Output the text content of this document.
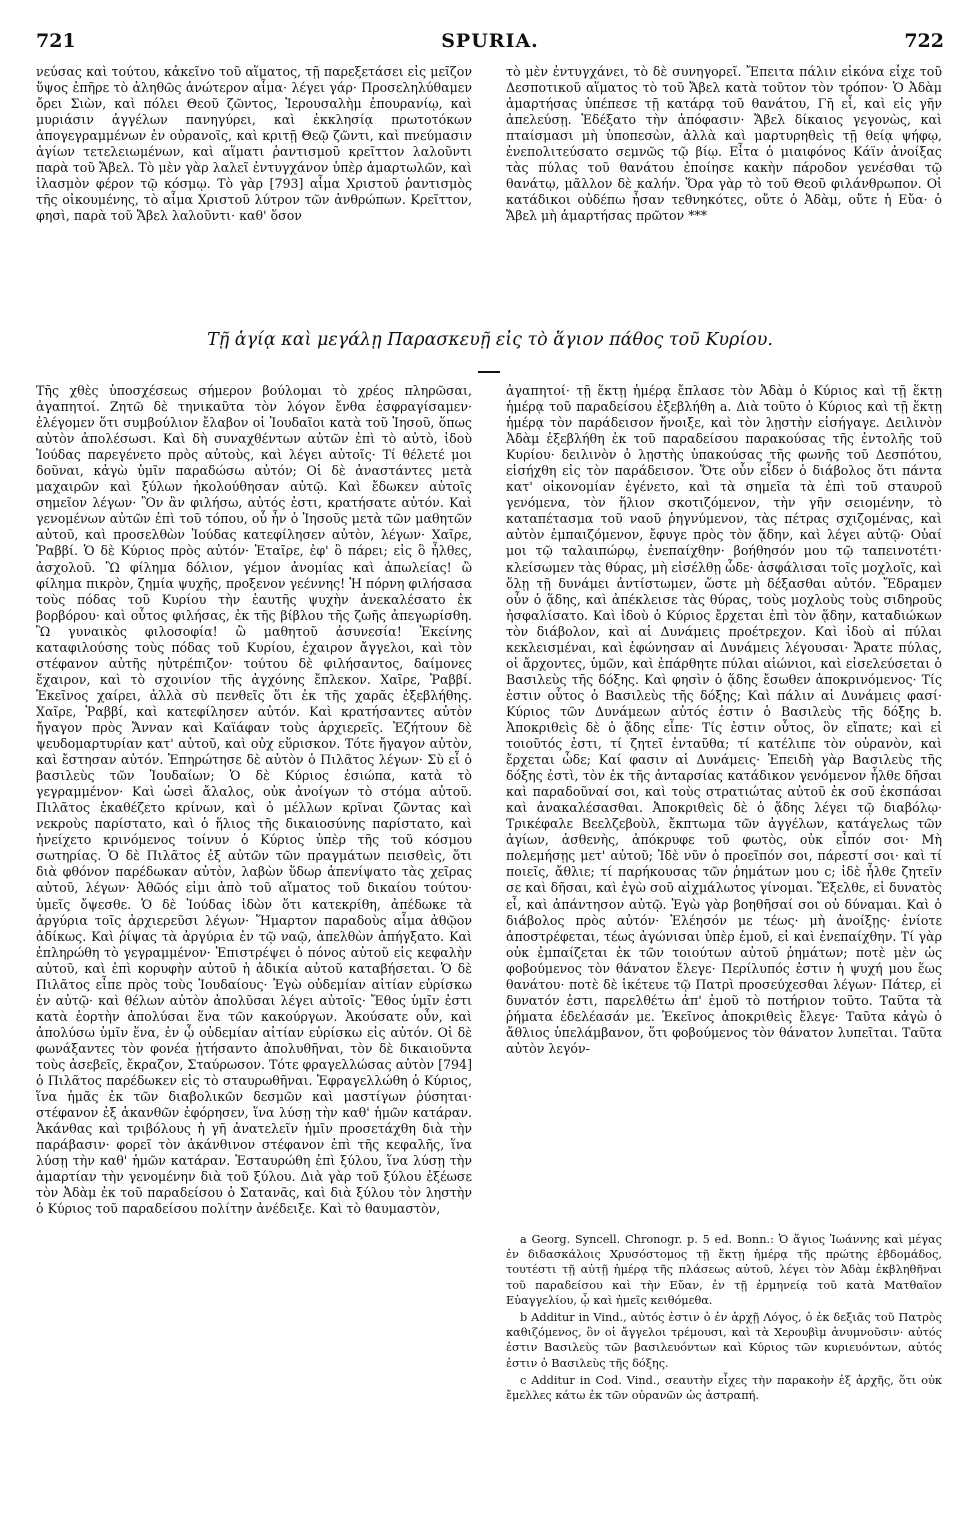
721	SPURIA.	722

νεύσας καὶ τούτου, κἀκεῖνο τοῦ αἵματος, τῇ παρεξετάσει εἰς μεῖζον ὕψος ἐπῆρε τὸ ἀληθῶς ἀνώτερον αἷμα· λέγει γάρ· Προσεληλύθαμεν ὄρει Σιὼν, καὶ πόλει Θεοῦ ζῶντος, Ἱερουσαλὴμ ἐπουρανίῳ, καὶ μυριάσιν ἀγγέλων πανηγύρει, καὶ ἐκκλησίᾳ πρωτοτόκων ἀπογεγραμμένων ἐν οὐρανοῖς, καὶ κριτῇ Θεῷ ζῶντι, καὶ πνεύμασιν ἁγίων τετελειωμένων, καὶ αἵματι ῥαντισμοῦ κρεῖττον λαλοῦντι παρὰ τοῦ Ἄβελ. Τὸ μὲν γὰρ λαλεῖ ἐντυγχάνον ὑπὲρ ἁμαρτωλῶν, καὶ ἱλασμὸν φέρον τῷ κόσμῳ. Τὸ γὰρ [793] αἷμα Χριστοῦ ῥαντισμὸς τῆς οἰκουμένης, τὸ αἷμα Χριστοῦ λύτρον τῶν ἀνθρώπων. Κρεῖττον, φησὶ, παρὰ τοῦ Ἄβελ λαλοῦντι· καθ' ὅσον

τὸ μὲν ἐντυγχάνει, τὸ δὲ συνηγορεῖ. Ἔπειτα πάλιν εἰκόνα εἶχε τοῦ Δεσποτικοῦ αἵματος τὸ τοῦ Ἄβελ κατὰ τοῦτον τὸν τρόπον· Ὁ Ἀδὰμ ἁμαρτήσας ὑπέπεσε τῇ κατάρᾳ τοῦ θανάτου, Γῆ εἶ, καὶ εἰς γῆν ἀπελεύσῃ. Ἐδέξατο τὴν ἀπόφασιν· Ἄβελ δίκαιος γεγονὼς, καὶ πταίσμασι μὴ ὑποπεσὼν, ἀλλὰ καὶ μαρτυρηθεὶς τῇ θείᾳ ψήφῳ, ἐνεπολιτεύσατο σεμνῶς τῷ βίῳ. Εἶτα ὁ μιαιφόνος Κάϊν ἀνοίξας τὰς πύλας τοῦ θανάτου ἐποίησε κακὴν πάροδον γενέσθαι τῷ θανάτῳ, μᾶλλον δὲ καλήν. Ὅρα γὰρ τὸ τοῦ Θεοῦ φιλάνθρωπον. Οἱ κατάδικοι οὐδέπω ἦσαν τεθνηκότες, οὔτε ὁ Ἀδὰμ, οὔτε ἡ Εὔα· ὁ Ἄβελ μὴ ἁμαρτήσας πρῶτον ***

Τῇ ἁγίᾳ καὶ μεγάλῃ Παρασκευῇ εἰς τὸ ἅγιον πάθος τοῦ Κυρίου.

Τῆς χθὲς ὑποσχέσεως σήμερον βούλομαι τὸ χρέος πληρῶσαι, ἀγαπητοί. Ζητῶ δὲ τηνικαῦτα τὸν λόγον ἔνθα ἐσφραγίσαμεν· ἐλέγομεν ὅτι συμβούλιον ἔλαβον οἱ Ἰουδαῖοι κατὰ τοῦ Ἰησοῦ, ὅπως αὐτὸν ἀπολέσωσι. Καὶ δὴ συναχθέντων αὐτῶν ἐπὶ τὸ αὐτὸ, ἰδοὺ Ἰούδας παρεγένετο πρὸς αὐτοὺς, καὶ λέγει αὐτοῖς· Τί θέλετέ μοι δοῦναι, κἀγὼ ὑμῖν παραδώσω αὐτόν; Οἱ δὲ ἀναστάντες μετὰ μαχαιρῶν καὶ ξύλων ἠκολούθησαν αὐτῷ. Καὶ ἔδωκεν αὐτοῖς σημεῖον λέγων· Ὃν ἂν φιλήσω, αὐτός ἐστι, κρατήσατε αὐτόν. Καὶ γενομένων αὐτῶν ἐπὶ τοῦ τόπου, οὗ ἦν ὁ Ἰησοῦς μετὰ τῶν μαθητῶν αὐτοῦ, καὶ προσελθὼν Ἰούδας κατεφίλησεν αὐτὸν, λέγων· Χαῖρε, Ῥαββί. Ὁ δὲ Κύριος πρὸς αὐτόν· Ἑταῖρε, ἐφ' ὃ πάρει; εἰς ὃ ἦλθες, ἀσχολοῦ. Ὢ φίλημα δόλιον, γέμον ἀνομίας καὶ ἀπωλείας! ὢ φίλημα πικρὸν, ζημία ψυχῆς, προξενον γεέννης! Ἡ πόρνη φιλήσασα τοὺς πόδας τοῦ Κυρίου τὴν ἑαυτῆς ψυχὴν ἀνεκαλέσατο ἐκ βορβόρου· καὶ οὗτος φιλήσας, ἐκ τῆς βίβλου τῆς ζωῆς ἀπεγωρίσθη. Ὢ γυναικὸς φιλοσοφία! ὢ μαθητοῦ ἀσυνεσία! Ἐκείνης καταφιλούσης τοὺς πόδας τοῦ Κυρίου, ἐχαιρον ἄγγελοι, καὶ τὸν στέφανον αὐτῆς ηὐτρέπιζον· τούτου δὲ φιλήσαντος, δαίμονες ἔχαιρον, καὶ τὸ σχοινίον τῆς ἀγχόνης ἔπλεκον. Χαῖρε, Ῥαββί. Ἐκεῖνος χαίρει, ἀλλὰ σὺ πενθεῖς ὅτι ἐκ τῆς χαρᾶς ἐξεβλήθης. Χαῖρε, Ῥαββί, καὶ κατεφίλησεν αὐτόν. Καὶ κρατήσαντες αὐτὸν ἤγαγον πρὸς Ἄνναν καὶ Καϊάφαν τοὺς ἀρχιερεῖς. Ἐζήτουν δὲ ψευδομαρτυρίαν κατ' αὐτοῦ, καὶ οὐχ εὕρισκον. Τότε ἤγαγον αὐτὸν, καὶ ἔστησαν αὐτόν. Ἐπηρώτησε δὲ αὐτὸν ὁ Πιλᾶτος λέγων· Σὺ εἶ ὁ βασιλεὺς τῶν Ἰουδαίων; Ὁ δὲ Κύριος ἐσιώπα, κατὰ τὸ γεγραμμένον· Καὶ ὡσεὶ ἄλαλος, οὐκ ἀνοίγων τὸ στόμα αὐτοῦ. Πιλᾶτος ἐκαθέζετο κρίνων, καὶ ὁ μέλλων κρῖναι ζῶντας καὶ νεκροὺς παρίστατο, καὶ ὁ ἥλιος τῆς δικαιοσύνης παρίστατο, καὶ ἠνείχετο κρινόμενος τοίνυν ὁ Κύριος ὑπὲρ τῆς τοῦ κόσμου σωτηρίας. Ὁ δὲ Πιλᾶτος ἐξ αὐτῶν τῶν πραγμάτων πεισθεὶς, ὅτι διὰ φθόνον παρέδωκαν αὐτὸν, λαβὼν ὕδωρ ἀπενίψατο τὰς χεῖρας αὐτοῦ, λέγων· Ἀθῶός εἰμι ἀπὸ τοῦ αἵματος τοῦ δικαίου τούτου· ὑμεῖς ὄψεσθε. Ὁ δὲ Ἰούδας ἰδὼν ὅτι κατεκρίθη, ἀπέδωκε τὰ ἀργύρια τοῖς ἀρχιερεῦσι λέγων· Ἥμαρτον παραδοὺς αἷμα ἀθῷον ἀδίκως. Καὶ ῥίψας τὰ ἀργύρια ἐν τῷ ναῷ, ἀπελθὼν ἀπήγξατο. Καὶ ἐπληρώθη τὸ γεγραμμένον· Ἐπιστρέψει ὁ πόνος αὐτοῦ εἰς κεφαλὴν αὐτοῦ, καὶ ἐπὶ κορυφὴν αὐτοῦ ἡ ἀδικία αὐτοῦ καταβήσεται. Ὁ δὲ Πιλᾶτος εἶπε πρὸς τοὺς Ἰουδαίους· Ἐγὼ οὐδεμίαν αἰτίαν εὑρίσκω ἐν αὐτῷ· καὶ θέλων αὐτὸν ἀπολῦσαι λέγει αὐτοῖς· Ἔθος ὑμῖν ἐστι κατὰ ἑορτὴν ἀπολύσαι ἕνα τῶν κακούργων. Ἀκούσατε οὖν, καὶ ἀπολύσω ὑμῖν ἕνα, ἐν ᾧ οὐδεμίαν αἰτίαν εὑρίσκω εἰς αὐτόν. Οἱ δὲ φωνάξαντες τὸν φονέα ᾐτήσαντο ἀπολυθῆναι, τὸν δὲ δικαιοῦντα τοὺς ἀσεβεῖς, ἔκραζον, Σταύρωσον. Τότε φραγελλώσας αὐτὸν [794] ὁ Πιλᾶτος παρέδωκεν εἰς τὸ σταυρωθῆναι. Ἐφραγελλώθη ὁ Κύριος, ἵνα ἡμᾶς ἐκ τῶν διαβολικῶν δεσμῶν καὶ μαστίγων ῥύσηται· στέφανον ἐξ ἀκανθῶν ἐφόρησεν, ἵνα λύσῃ τὴν καθ' ἡμῶν κατάραν. Ἀκάνθας καὶ τριβόλους ἡ γῆ ἀνατελεῖν ἡμῖν προσετάχθη διὰ τὴν παράβασιν· φορεῖ τὸν ἀκάνθινον στέφανον ἐπὶ τῆς κεφαλῆς, ἵνα λύσῃ τὴν καθ' ἡμῶν κατάραν. Ἐσταυρώθη ἐπὶ ξύλου, ἵνα λύσῃ τὴν ἁμαρτίαν τὴν γενομένην διὰ τοῦ ξύλου. Διὰ γὰρ τοῦ ξύλου ἐξέωσε τὸν Ἀδὰμ ἐκ τοῦ παραδείσου ὁ Σατανᾶς, καὶ διὰ ξύλου τὸν ληστὴν ὁ Κύριος τοῦ παραδείσου πολίτην ἀνέδειξε. Καὶ τὸ θαυμαστὸν,

ἀγαπητοί· τῇ ἕκτῃ ἡμέρᾳ ἔπλασε τὸν Ἀδὰμ ὁ Κύριος καὶ τῇ ἕκτῃ ἡμέρᾳ τοῦ παραδείσου ἐξεβλήθη a. Διὰ τοῦτο ὁ Κύριος καὶ τῇ ἕκτῃ ἡμέρᾳ τὸν παράδεισον ἤνοιξε, καὶ τὸν λῃστὴν εἰσήγαγε. Δειλινὸν Ἀδὰμ ἐξεβλήθη ἐκ τοῦ παραδείσου παρακούσας τῆς ἐντολῆς τοῦ Κυρίου· δειλινὸν ὁ λῃστὴς ὑπακούσας τῆς φωνῆς τοῦ Δεσπότου, εἰσήχθη εἰς τὸν παράδεισον. Ὅτε οὖν εἶδεν ὁ διάβολος ὅτι πάντα κατ' οἰκονομίαν ἐγένετο, καὶ τὰ σημεῖα τὰ ἐπὶ τοῦ σταυροῦ γενόμενα, τὸν ἥλιον σκοτιζόμενον, τὴν γῆν σειομένην, τὸ καταπέτασμα τοῦ ναοῦ ῥηγνύμενον, τὰς πέτρας σχιζομένας, καὶ αὐτὸν ἐμπαιζόμενον, ἔφυγε πρὸς τὸν ᾅδην, καὶ λέγει αὐτῷ· Οὐαί μοι τῷ ταλαιπώρῳ, ἐνεπαίχθην· βοήθησόν μου τῷ ταπεινοτέτι· κλείσωμεν τὰς θύρας, μὴ εἰσέλθῃ ὧδε· ἀσφάλισαι τοῖς μοχλοῖς, καὶ ὅλῃ τῇ δυνάμει ἀντίστωμεν, ὥστε μὴ δέξασθαι αὐτόν. Ἔδραμεν οὖν ὁ ᾅδης, καὶ ἀπέκλεισε τὰς θύρας, τοὺς μοχλοὺς τοὺς σιδηροῦς ἠσφαλίσατο. Καὶ ἰδοὺ ὁ Κύριος ἔρχεται ἐπὶ τὸν ᾅδην, καταδιώκων τὸν διάβολον, καὶ αἱ Δυνάμεις προέτρεχον. Καὶ ἰδοὺ αἱ πύλαι κεκλεισμέναι, καὶ ἐφώνησαν αἱ Δυνάμεις λέγουσαι· Ἄρατε πύλας, οἱ ἄρχοντες, ὑμῶν, καὶ ἐπάρθητε πύλαι αἰώνιοι, καὶ εἰσελεύσεται ὁ Βασιλεὺς τῆς δόξης. Καὶ φησὶν ὁ ᾅδης ἔσωθεν ἀποκρινόμενος· Τίς ἐστιν οὗτος ὁ Βασιλεὺς τῆς δόξης; Καὶ πάλιν αἱ Δυνάμεις φασί· Κύριος τῶν Δυνάμεων αὐτός ἐστιν ὁ Βασιλεὺς τῆς δόξης b. Ἀποκριθεὶς δὲ ὁ ᾅδης εἶπε· Τίς ἐστιν οὗτος, ὃν εἴπατε; καὶ εἰ τοιοῦτός ἐστι, τί ζητεῖ ἐνταῦθα; τί κατέλιπε τὸν οὐρανὸν, καὶ ἔρχεται ὧδε; Καί φασιν αἱ Δυνάμεις· Ἐπειδὴ γὰρ Βασιλεὺς τῆς δόξης ἐστὶ, τὸν ἐκ τῆς ἀνταρσίας κατάδικον γενόμενον ἦλθε δῆσαι καὶ παραδοῦναί σοι, καὶ τοὺς στρατιώτας αὐτοῦ ἐκ σοῦ ἐκσπάσαι καὶ ἀνακαλέσασθαι. Ἀποκριθεὶς δὲ ὁ ᾅδης λέγει τῷ διαβόλῳ· Τρικέφαλε Βεελζεβοὺλ, ἔκπτωμα τῶν ἀγγέλων, κατάγελως τῶν ἁγίων, ἀσθενὴς, ἀπόκρυφε τοῦ φωτὸς, οὐκ εἶπόν σοι· Μὴ πολεμήσῃς μετ' αὐτοῦ; Ἰδὲ νῦν ὁ προεῖπόν σοι, πάρεστί σοι· καὶ τί ποιεῖς, ἄθλιε; τί παρήκουσας τῶν ῥημάτων μου c; ἰδὲ ἦλθε ζητεῖν σε καὶ δῆσαι, καὶ ἐγὼ σοῦ αἰχμάλωτος γίνομαι. Ἔξελθε, εἰ δυνατὸς εἶ, καὶ ἀπάντησον αὐτῷ. Ἐγὼ γὰρ βοηθῆσαί σοι οὐ δύναμαι. Καὶ ὁ διάβολος πρὸς αὐτόν· Ἐλέησόν με τέως· μὴ ἀνοίξῃς· ἐνίοτε ἀποστρέφεται, τέως ἀγώνισαι ὑπὲρ ἐμοῦ, εἰ καὶ ἐνεπαίχθην. Τί γὰρ οὐκ ἐμπαίζεται ἐκ τῶν τοιούτων αὐτοῦ ῥημάτων; ποτὲ μὲν ὡς φοβούμενος τὸν θάνατον ἔλεγε· Περίλυπός ἐστιν ἡ ψυχή μου ἕως θανάτου· ποτὲ δὲ ἱκέτευε τῷ Πατρὶ προσεύχεσθαι λέγων· Πάτερ, εἰ δυνατόν ἐστι, παρελθέτω ἀπ' ἐμοῦ τὸ ποτήριον τοῦτο. Ταῦτα τὰ ῥήματα ἐδελέασάν με. Ἐκεῖνος ἀποκριθεὶς ἔλεγε· Ταῦτα κἀγὼ ὁ ἄθλιος ὑπελάμβανον, ὅτι φοβούμενος τὸν θάνατον λυπεῖται. Ταῦτα αὐτὸν λεγόν-

a Georg. Syncell. Chronogr. p. 5 ed. Bonn.: Ὁ ἅγιος Ἰωάννης καὶ μέγας ἐν διδασκάλοις Χρυσόστομος τῇ ἕκτῃ ἡμέρᾳ τῆς πρώτης ἑβδομάδος, τουτέστι τῇ αὐτῇ ἡμέρᾳ τῆς πλάσεως αὐτοῦ, λέγει τὸν Ἀδὰμ ἐκβληθῆναι τοῦ παραδείσου καὶ τὴν Εὔαν, ἐν τῇ ἑρμηνείᾳ τοῦ κατὰ Ματθαῖον Εὐαγγελίου, ᾧ καὶ ἡμεῖς κειθόμεθα.

b Additur in Vind., αὐτός ἐστιν ὁ ἐν ἀρχῇ Λόγος, ὁ ἐκ δεξιᾶς τοῦ Πατρὸς καθιζόμενος, ὃν οἱ ἄγγελοι τρέμουσι, καὶ τὰ Χερουβὶμ ἀνυμνοῦσιν· αὐτός ἐστιν Βασιλεὺς τῶν βασιλευόντων καὶ Κύριος τῶν κυριευόντων, αὐτός ἐστιν ὁ Βασιλεὺς τῆς δόξης.

c Additur in Cod. Vind., σεαυτὴν εἶχες τὴν παρακοὴν ἐξ ἀρχῆς, ὅτι οὐκ ἔμελλες κάτω ἐκ τῶν οὐρανῶν ὡς ἀστραπή.
